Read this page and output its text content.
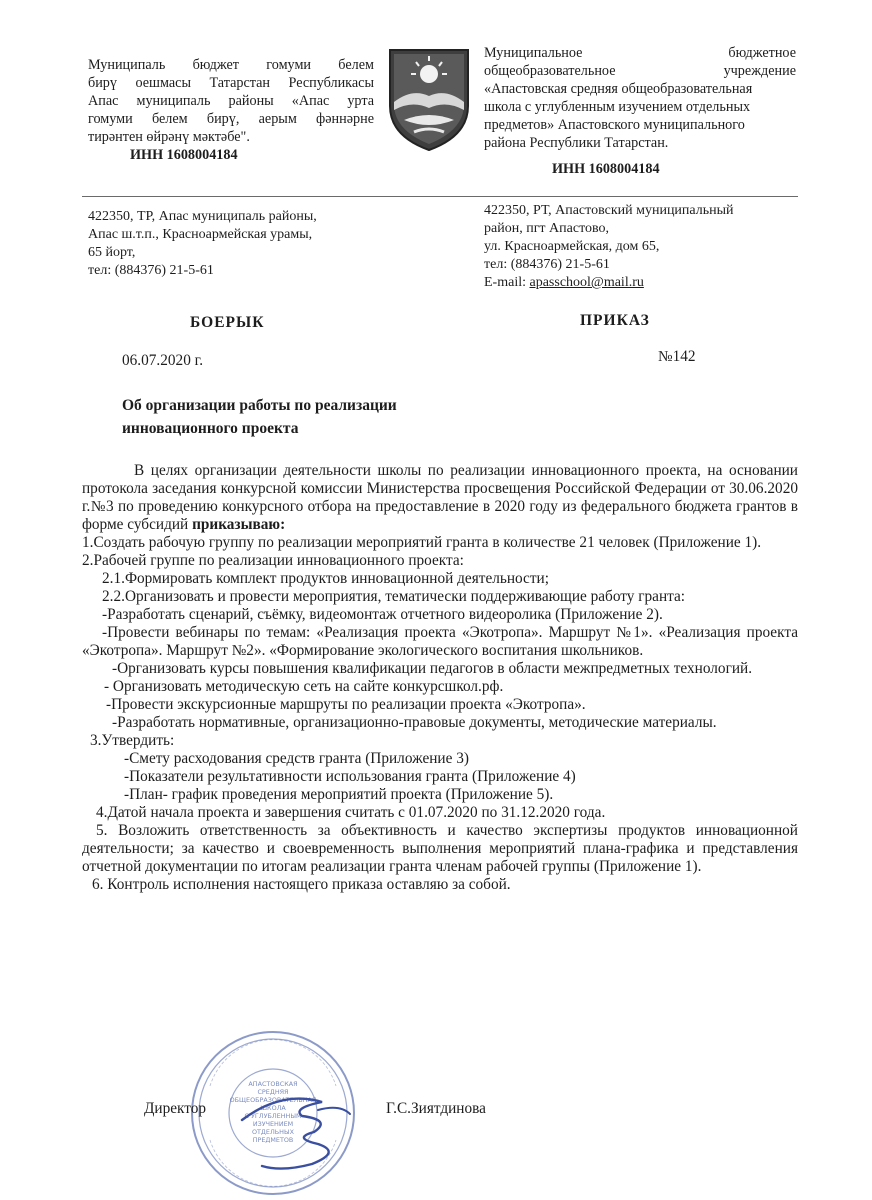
Муниципаль бюджет гомуми белем
бирү оешмасы Татарстан Республикасы
Апас муниципаль районы «Апас урта
гомуми белем бирү, аерым фәннәрне
тирәнтен өйрәнү мәктәбе".
ИНН 1608004184
Муниципальное бюджетное
общеобразовательное учреждение
«Апастовская средняя общеобразовательная
школа с углубленным изучением отдельных
предметов» Апастовского муниципального
района Республики Татарстан.
ИНН 1608004184
422350, ТР, Апас муниципаль районы,
Апас ш.т.п., Красноармейская урамы,
65 йорт,
тел: (884376) 21-5-61
422350, РТ, Апастовский муниципальный
район, пгт Апастово,
ул. Красноармейская, дом 65,
тел: (884376) 21-5-61
E-mail: apasschool@mail.ru
БОЕРЫК	ПРИКАЗ
06.07.2020 г.	№142
Об организации работы по реализации
инновационного проекта

В целях организации деятельности школы по реализации инновационного проекта, на основании протокола заседания конкурсной комиссии Министерства просвещения Российской Федерации от 30.06.2020 г.№3 по проведению конкурсного отбора на предоставление в 2020 году из федерального бюджета грантов в форме субсидий приказываю:

1.Создать рабочую группу по реализации мероприятий гранта в количестве 21 человек (Приложение 1).

2.Рабочей группе по реализации инновационного проекта:

2.1.Формировать комплект продуктов инновационной деятельности;

2.2.Организовать и провести мероприятия, тематически поддерживающие работу гранта:

-Разработать сценарий, съёмку, видеомонтаж отчетного видеоролика (Приложение 2).

-Провести вебинары по темам: «Реализация проекта «Экотропа». Маршрут №1». «Реализация проекта «Экотропа». Маршрут №2». «Формирование экологического воспитания школьников.

-Организовать курсы повышения квалификации педагогов в области межпредметных технологий.

- Организовать методическую сеть на сайте конкурсшкол.рф.

-Провести экскурсионные маршруты по реализации проекта «Экотропа».

-Разработать нормативные, организационно-правовые документы, методические материалы.

3.Утвердить:

-Смету расходования средств гранта (Приложение 3)

-Показатели результативности использования гранта (Приложение 4)

-План- график проведения мероприятий проекта (Приложение 5).

4.Датой начала проекта и завершения считать с 01.07.2020 по 31.12.2020 года.

5. Возложить ответственность за объективность и качество экспертизы продуктов инновационной деятельности; за качество и своевременность выполнения мероприятий плана-графика и представления отчетной документации по итогам реализации гранта членам рабочей группы (Приложение 1).

6. Контроль исполнения настоящего приказа оставляю за собой.

АПАСТОВСКАЯ
СРЕДНЯЯ
ОБЩЕОБРАЗОВАТЕЛЬНАЯ
ШКОЛА
С УГЛУБЛЕННЫМ
ИЗУЧЕНИЕМ
ОТДЕЛЬНЫХ
ПРЕДМЕТОВ
Директор	Г.С.Зиятдинова
